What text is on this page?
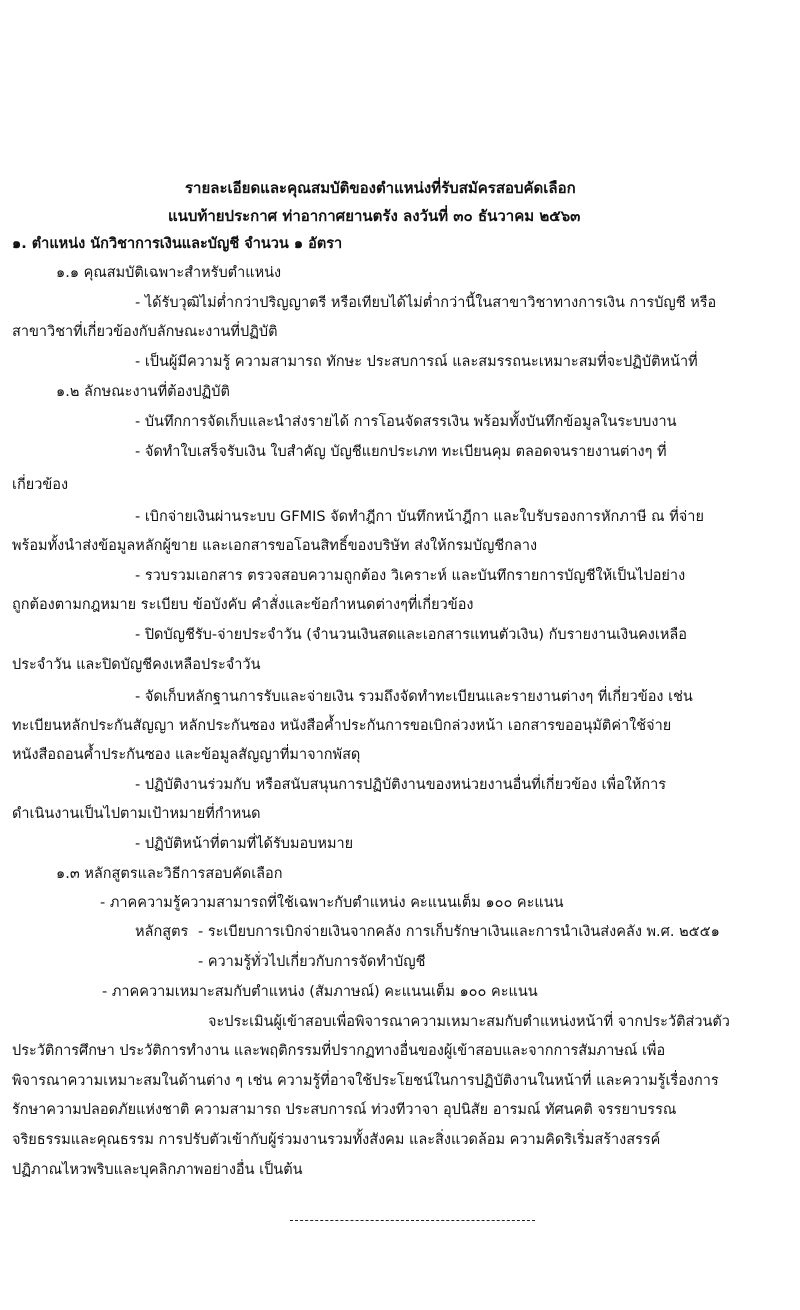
รายละเอียดและคุณสมบัติของตำแหน่งที่รับสมัครสอบคัดเลือก
แนบท้ายประกาศ ท่าอากาศยานตรัง ลงวันที่ ๓๐ ธันวาคม ๒๕๖๓
๑. ตำแหน่ง นักวิชาการเงินและบัญชี จำนวน ๑ อัตรา
๑.๑ คุณสมบัติเฉพาะสำหรับตำแหน่ง
- ได้รับวุฒิไม่ต่ำกว่าปริญญาตรี หรือเทียบได้ไม่ต่ำกว่านี้ในสาขาวิชาทางการเงิน การบัญชี หรือ
สาขาวิชาที่เกี่ยวข้องกับลักษณะงานที่ปฏิบัติ
- เป็นผู้มีความรู้ ความสามารถ ทักษะ ประสบการณ์ และสมรรถนะเหมาะสมที่จะปฏิบัติหน้าที่
๑.๒ ลักษณะงานที่ต้องปฏิบัติ
- บันทึกการจัดเก็บและนำส่งรายได้ การโอนจัดสรรเงิน พร้อมทั้งบันทึกข้อมูลในระบบงาน
- จัดทำใบเสร็จรับเงิน ใบสำคัญ บัญชีแยกประเภท ทะเบียนคุม ตลอดจนรายงานต่างๆ ที่
เกี่ยวข้อง
- เบิกจ่ายเงินผ่านระบบ GFMIS จัดทำฎีกา บันทึกหน้าฎีกา และใบรับรองการหักภาษี ณ ที่จ่าย
พร้อมทั้งนำส่งข้อมูลหลักผู้ขาย และเอกสารขอโอนสิทธิ์ของบริษัท ส่งให้กรมบัญชีกลาง
- รวบรวมเอกสาร ตรวจสอบความถูกต้อง วิเคราะห์ และบันทึกรายการบัญชีให้เป็นไปอย่าง
ถูกต้องตามกฎหมาย ระเบียบ ข้อบังคับ คำสั่งและข้อกำหนดต่างๆที่เกี่ยวข้อง
- ปิดบัญชีรับ-จ่ายประจำวัน (จำนวนเงินสดและเอกสารแทนตัวเงิน) กับรายงานเงินคงเหลือ
ประจำวัน และปิดบัญชีคงเหลือประจำวัน
- จัดเก็บหลักฐานการรับและจ่ายเงิน รวมถึงจัดทำทะเบียนและรายงานต่างๆ ที่เกี่ยวข้อง เช่น
ทะเบียนหลักประกันสัญญา หลักประกันซอง หนังสือค้ำประกันการขอเบิกล่วงหน้า เอกสารขออนุมัติค่าใช้จ่าย
หนังสือถอนค้ำประกันซอง และข้อมูลสัญญาที่มาจากพัสดุ
- ปฏิบัติงานร่วมกับ หรือสนับสนุนการปฏิบัติงานของหน่วยงานอื่นที่เกี่ยวข้อง เพื่อให้การ
ดำเนินงานเป็นไปตามเป้าหมายที่กำหนด
- ปฏิบัติหน้าที่ตามที่ได้รับมอบหมาย
๑.๓ หลักสูตรและวิธีการสอบคัดเลือก
- ภาคความรู้ความสามารถที่ใช้เฉพาะกับตำแหน่ง คะแนนเต็ม ๑๐๐ คะแนน
หลักสูตร - ระเบียบการเบิกจ่ายเงินจากคลัง การเก็บรักษาเงินและการนำเงินส่งคลัง พ.ศ. ๒๕๕๑
- ความรู้ทั่วไปเกี่ยวกับการจัดทำบัญชี
- ภาคความเหมาะสมกับตำแหน่ง (สัมภาษณ์) คะแนนเต็ม ๑๐๐ คะแนน
จะประเมินผู้เข้าสอบเพื่อพิจารณาความเหมาะสมกับตำแหน่งหน้าที่ จากประวัติส่วนตัว
ประวัติการศึกษา ประวัติการทำงาน และพฤติกรรมที่ปรากฏทางอื่นของผู้เข้าสอบและจากการสัมภาษณ์ เพื่อ
พิจารณาความเหมาะสมในด้านต่าง ๆ เช่น ความรู้ที่อาจใช้ประโยชน์ในการปฏิบัติงานในหน้าที่ และความรู้เรื่องการ
รักษาความปลอดภัยแห่งชาติ ความสามารถ ประสบการณ์ ท่วงทีวาจา อุปนิสัย อารมณ์ ทัศนคติ จรรยาบรรณ
จริยธรรมและคุณธรรม การปรับตัวเข้ากับผู้ร่วมงานรวมทั้งสังคม และสิ่งแวดล้อม ความคิดริเริ่มสร้างสรรค์
ปฏิภาณไหวพริบและบุคลิกภาพอย่างอื่น เป็นต้น
